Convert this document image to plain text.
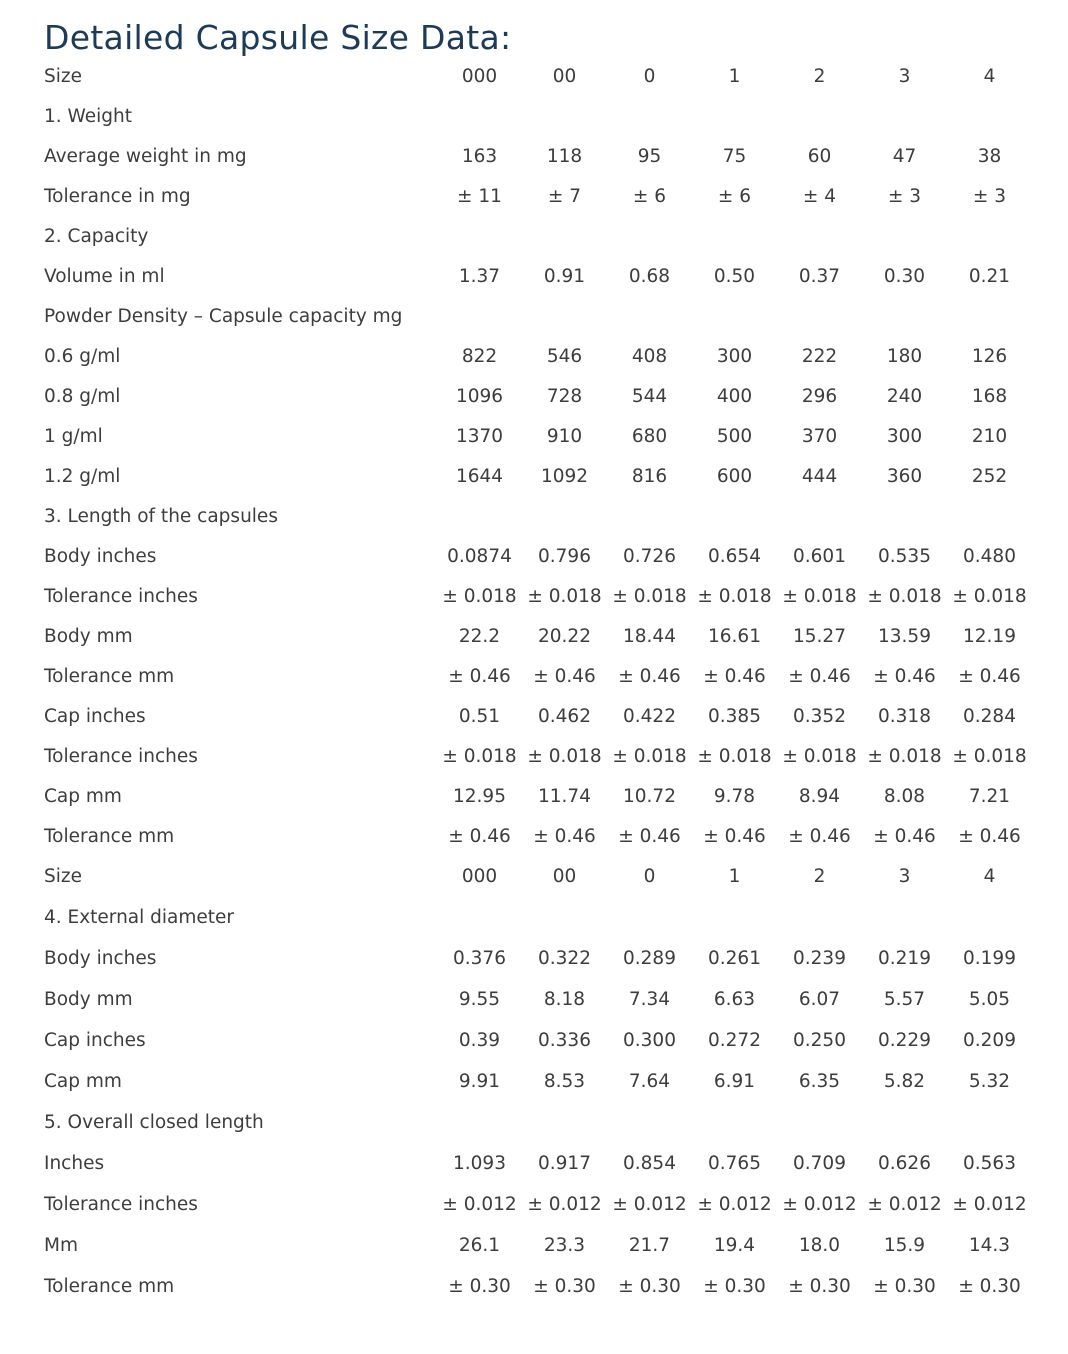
Detailed Capsule Size Data:
Size	000	00	0	1	2	3	4
1. Weight							
Average weight in mg	163	118	95	75	60	47	38
Tolerance in mg	± 11	± 7	± 6	± 6	± 4	± 3	± 3
2. Capacity							
Volume in ml	1.37	0.91	0.68	0.50	0.37	0.30	0.21
Powder Density – Capsule capacity mg							
0.6 g/ml	822	546	408	300	222	180	126
0.8 g/ml	1096	728	544	400	296	240	168
1 g/ml	1370	910	680	500	370	300	210
1.2 g/ml	1644	1092	816	600	444	360	252
3. Length of the capsules							
Body inches	0.0874	0.796	0.726	0.654	0.601	0.535	0.480
Tolerance inches	± 0.018	± 0.018	± 0.018	± 0.018	± 0.018	± 0.018	± 0.018
Body mm	22.2	20.22	18.44	16.61	15.27	13.59	12.19
Tolerance mm	± 0.46	± 0.46	± 0.46	± 0.46	± 0.46	± 0.46	± 0.46
Cap inches	0.51	0.462	0.422	0.385	0.352	0.318	0.284
Tolerance inches	± 0.018	± 0.018	± 0.018	± 0.018	± 0.018	± 0.018	± 0.018
Cap mm	12.95	11.74	10.72	9.78	8.94	8.08	7.21
Tolerance mm	± 0.46	± 0.46	± 0.46	± 0.46	± 0.46	± 0.46	± 0.46
Size	000	00	0	1	2	3	4
4. External diameter							
Body inches	0.376	0.322	0.289	0.261	0.239	0.219	0.199
Body mm	9.55	8.18	7.34	6.63	6.07	5.57	5.05
Cap inches	0.39	0.336	0.300	0.272	0.250	0.229	0.209
Cap mm	9.91	8.53	7.64	6.91	6.35	5.82	5.32
5. Overall closed length							
Inches	1.093	0.917	0.854	0.765	0.709	0.626	0.563
Tolerance inches	± 0.012	± 0.012	± 0.012	± 0.012	± 0.012	± 0.012	± 0.012
Mm	26.1	23.3	21.7	19.4	18.0	15.9	14.3
Tolerance mm	± 0.30	± 0.30	± 0.30	± 0.30	± 0.30	± 0.30	± 0.30
